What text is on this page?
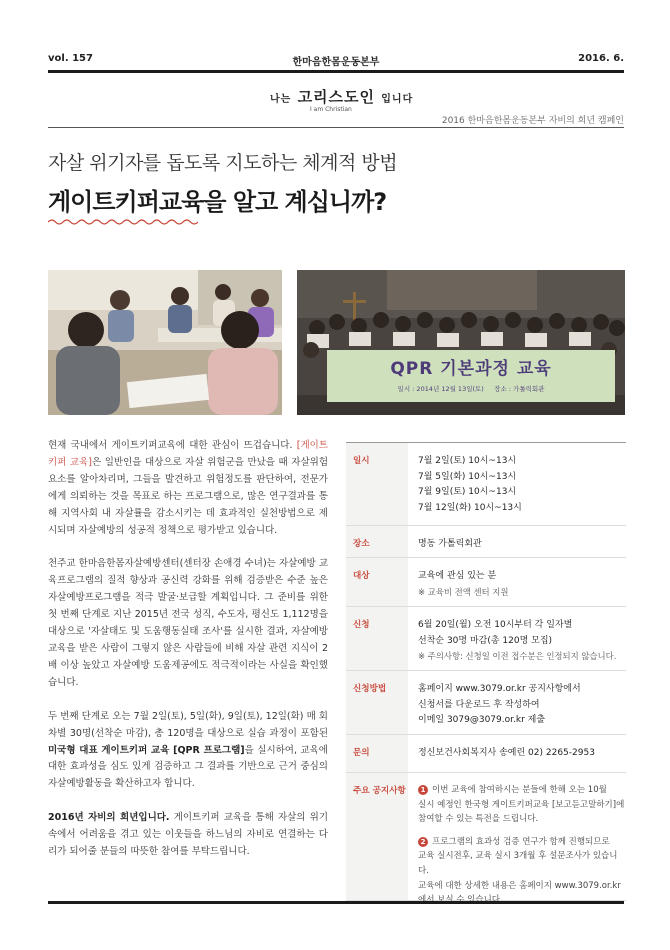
vol. 157	한마음한몸운동본부	2016. 6.
나는 고리스도인 입니다
I am Christian
2016 한마음한몸운동본부 자비의 희년 캠페인
자살 위기자를 돕도록 지도하는 체계적 방법
게이트키퍼교육을 알고 계십니까?
QPR 기본과정 교육
일시 : 2014년 12월 13일(토)     장소 : 가톨릭회관

현재 국내에서 게이트키퍼교육에 대한 관심이 뜨겁습니다. [게이트키퍼 교육]은 일반인을 대상으로 자살 위험군을 만났을 때 자살위험요소를 알아차리며, 그들을 발견하고 위험정도를 판단하여, 전문가에게 의뢰하는 것을 목표로 하는 프로그램으로, 많은 연구결과를 통해 지역사회 내 자살률을 감소시키는 데 효과적인 실천방법으로 제시되며 자살예방의 성공적 정책으로 평가받고 있습니다.

천주교 한마음한몸자살예방센터(센터장 손애경 수녀)는 자살예방 교육프로그램의 질적 향상과 공신력 강화를 위해 검증받은 수준 높은 자살예방프로그램을 적극 발굴·보급할 계획입니다. 그 준비를 위한 첫 번째 단계로 지난 2015년 전국 성직, 수도자, 평신도 1,112명을 대상으로 '자살태도 및 도움행동실태 조사'를 실시한 결과, 자살예방교육을 받은 사람이 그렇지 않은 사람들에 비해 자살 관련 지식이 2배 이상 높았고 자살예방 도움제공에도 적극적이라는 사실을 확인했습니다.

두 번째 단계로 오는 7월 2일(토), 5일(화), 9일(토), 12일(화) 매 회차별 30명(선착순 마감), 총 120명을 대상으로 실습 과정이 포함된 미국형 대표 게이트키퍼 교육 [QPR 프로그램]을 실시하여, 교육에 대한 효과성을 심도 있게 검증하고 그 결과를 기반으로 근거 중심의 자살예방활동을 확산하고자 합니다.

2016년 자비의 희년입니다. 게이트키퍼 교육을 통해 자살의 위기 속에서 어려움을 겪고 있는 이웃들을 하느님의 자비로 연결하는 다리가 되어줄 분들의 따뜻한 참여를 부탁드립니다.

일시	7월 2일(토) 10시~13시
7월 5일(화) 10시~13시
7월 9일(토) 10시~13시
7월 12일(화) 10시~13시
장소	명동 가톨릭회관
대상	교육에 관심 있는 분
※ 교육비 전액 센터 지원
신청	6월 20일(월) 오전 10시부터 각 일자별
선착순 30명 마감(총 120명 모집)
※ 주의사항: 신청일 이전 접수분은 인정되지 않습니다.
신청방법	홈페이지 www.3079.or.kr 공지사항에서
신청서를 다운로드 후 작성하여
이메일 3079@3079.or.kr 제출
문의	정신보건사회복지사 송예린 02) 2265-2953
주요 공지사항	1 이번 교육에 참여하시는 분들에 한해 오는 10월

실시 예정인 한국형 게이트키퍼교육 [보고듣고말하기]에

참여할 수 있는 특전을 드립니다.

2 프로그램의 효과성 검증 연구가 함께 진행되므로

교육 실시전후, 교육 실시 3개월 후 설문조사가 있습니다.

교육에 대한 상세한 내용은 홈페이지 www.3079.or.kr
